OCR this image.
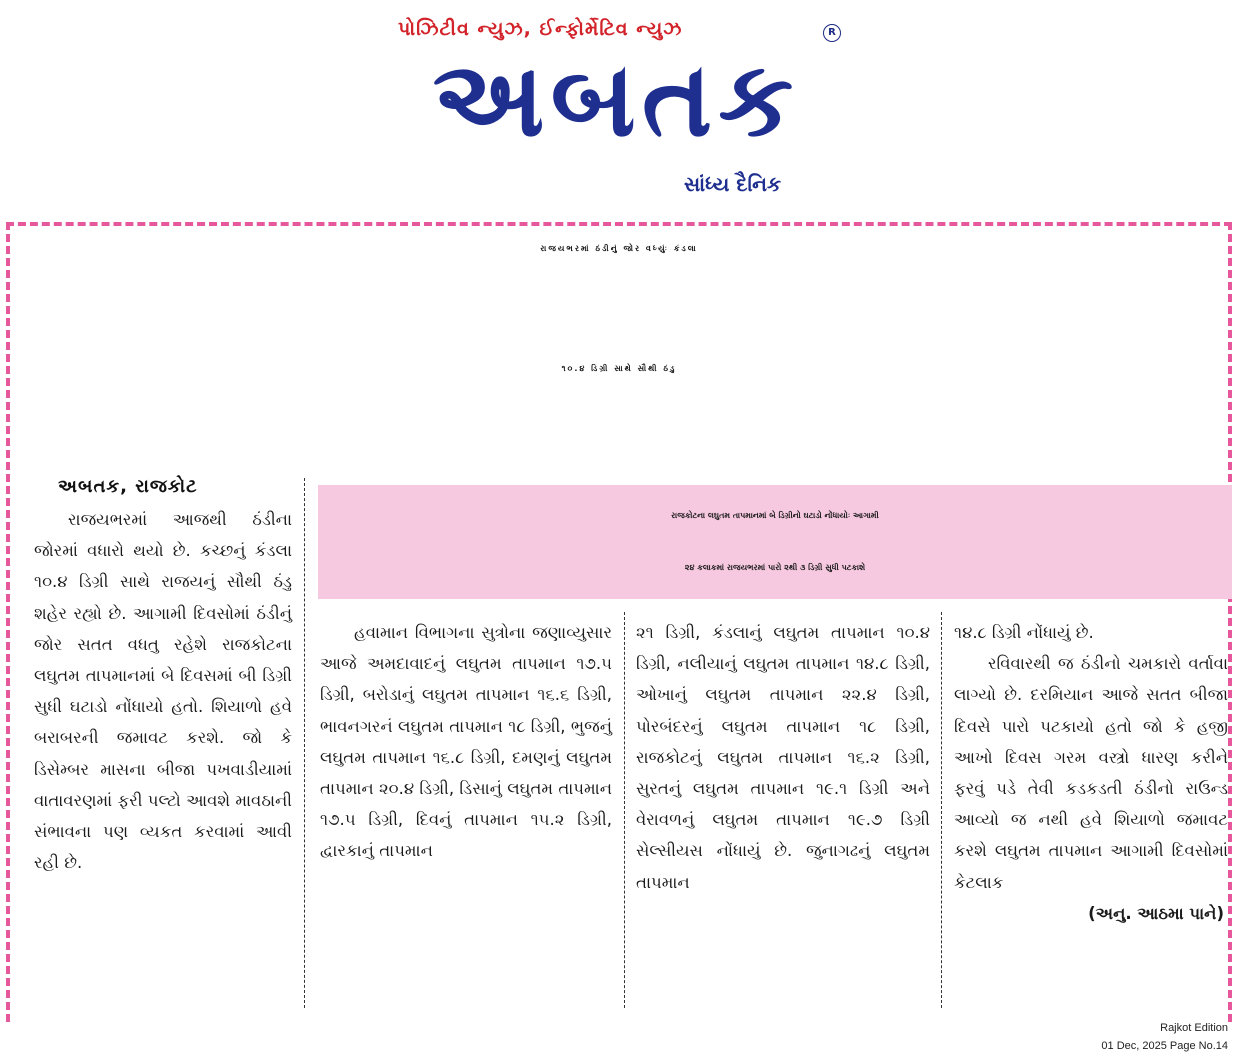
પોઝિટીવ ન્યુઝ, ઈન્ફોર્મેટિવ ન્યુઝ	R
અબતક
સાંધ્ય દૈનિક
રાજયભરમાં ઠંડીનું જોર વધ્યુંઃ કંડલા
૧૦.૪ ડિગ્રી સાથે સૌથી ઠંડુ
અબતક, રાજકોટ

રાજયભરમાં આજથી ઠંડીના જોરમાં વધારો થયો છે. કચ્છનું કંડલા ૧૦.૪ ડિગ્રી સાથે રાજયનું સૌથી ઠંડુ શહેર રહ્યો છે. આગામી દિવસોમાં ઠંડીનું જોર સતત વધતુ રહેશે રાજકોટના લઘુતમ તાપમાનમાં બે દિવસમાં બી ડિગ્રી સુધી ઘટાડો નોંધાયો હતો. શિયાળો હવે બરાબરની જમાવટ કરશે. જો કે ડિસેમ્બર માસના બીજા પખવાડીયામાં વાતાવરણમાં ફરી પલ્ટો આવશે માવઠાની સંભાવના પણ વ્યકત કરવામાં આવી રહી છે.

રાજકોટના લઘુતમ તાપમાનમાં બે ડિગ્રીનો ઘટાડો નોંધાયોઃ આગામી
૨૪ કલાકમાં રાજયભરમાં પારો ૨થી ૩ ડિગ્રી સુધી પટકાશે

હવામાન વિભાગના સુત્રોના જણાવ્યુસાર આજે અમદાવાદનું લઘુતમ તાપમાન ૧૭.૫ ડિગ્રી, બરોડાનું લઘુતમ તાપમાન ૧૬.૬ ડિગ્રી, ભાવનગરનં લઘુતમ તાપમાન ૧૮ ડિગ્રી, ભુજનું લઘુતમ તાપમાન ૧૬.૮ ડિગ્રી, દમણનું લઘુતમ તાપમાન ૨૦.૪ ડિગ્રી, ડિસાનું લઘુતમ તાપમાન ૧૭.૫ ડિગ્રી, દિવનું તાપમાન ૧૫.૨ ડિગ્રી, દ્વારકાનું તાપમાન

૨૧ ડિગ્રી, કંડલાનું લઘુતમ તાપમાન ૧૦.૪ ડિગ્રી, નલીયાનું લઘુતમ તાપમાન ૧૪.૮ ડિગ્રી, ઓખાનું લઘુતમ તાપમાન ૨૨.૪ ડિગ્રી, પોરબંદરનું લઘુતમ તાપમાન ૧૮ ડિગ્રી, રાજકોટનું લઘુતમ તાપમાન ૧૬.૨ ડિગ્રી, સુરતનું લઘુતમ તાપમાન ૧૯.૧ ડિગ્રી અને વેરાવળનું લઘુતમ તાપમાન ૧૯.૭ ડિગ્રી સેલ્સીયસ નોંધાયું છે. જુનાગઢનું લઘુતમ તાપમાન

૧૪.૮ ડિગ્રી નોંધાયું છે.

રવિવારથી જ ઠંડીનો ચમકારો વર્તાવા લાગ્યો છે. દરમિયાન આજે સતત બીજા દિવસે પારો પટકાયો હતો જો કે હજી આખો દિવસ ગરમ વસ્ત્રો ધારણ કરીને ફરવું પડે તેવી કડકડતી ઠંડીનો રાઉન્ડ આવ્યો જ નથી હવે શિયાળો જમાવટ કરશે લઘુતમ તાપમાન આગામી દિવસોમાં કેટલાક

(અનુ. આઠમા પાને)

Rajkot Edition
01 Dec, 2025 Page No.14
